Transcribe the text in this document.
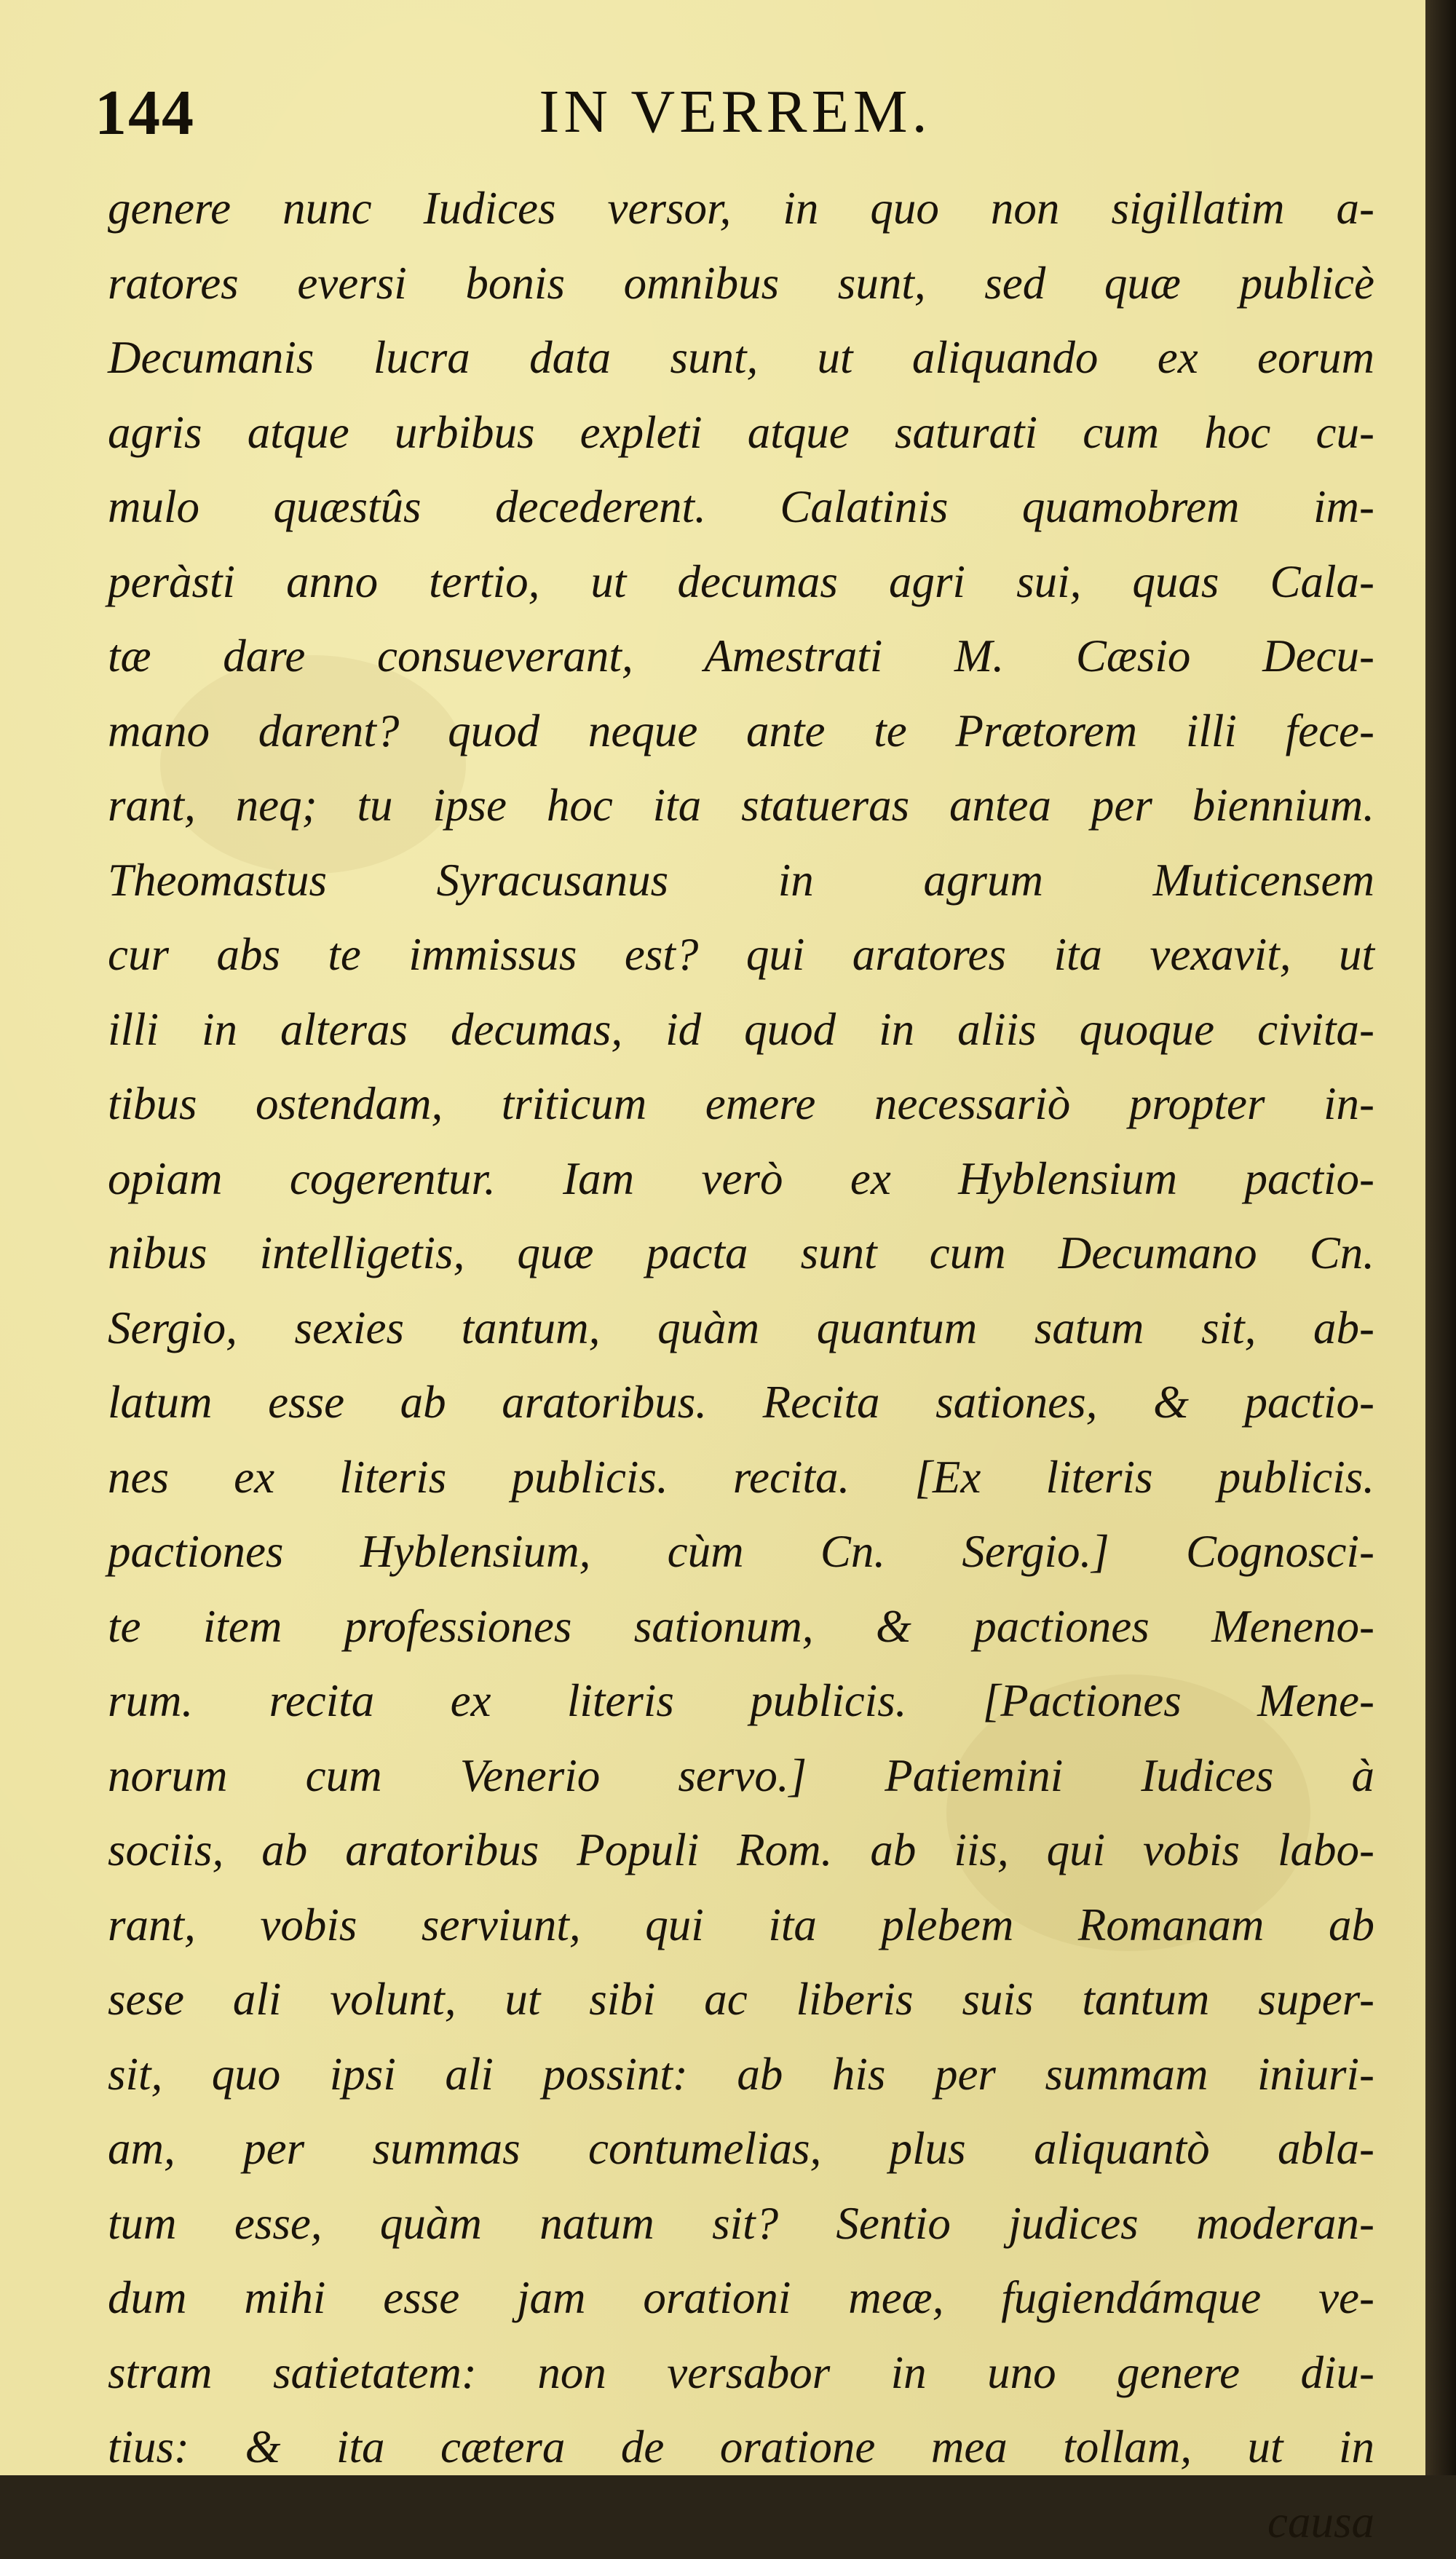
144	IN VERREM.
genere nunc Iudices versor, in quo non sigillatim a-
ratores eversi bonis omnibus sunt, sed quæ publicè
Decumanis lucra data sunt, ut aliquando ex eorum
agris atque urbibus expleti atque saturati cum hoc cu-
mulo quæstûs decederent. Calatinis quamobrem im-
peràsti anno tertio, ut decumas agri sui, quas Cala-
tæ dare consueverant, Amestrati M. Cæsio Decu-
mano darent? quod neque ante te Prætorem illi fece-
rant, neq; tu ipse hoc ita statueras antea per biennium.
Theomastus Syracusanus in agrum Muticensem
cur abs te immissus est? qui aratores ita vexavit, ut
illi in alteras decumas, id quod in aliis quoque civita-
tibus ostendam, triticum emere necessariò propter in-
opiam cogerentur. Iam verò ex Hyblensium pactio-
nibus intelligetis, quæ pacta sunt cum Decumano Cn.
Sergio, sexies tantum, quàm quantum satum sit, ab-
latum esse ab aratoribus. Recita sationes, & pactio-
nes ex literis publicis. recita. [Ex literis publicis.
pactiones Hyblensium, cùm Cn. Sergio.] Cognosci-
te item professiones sationum, & pactiones Meneno-
rum. recita ex literis publicis. [Pactiones Mene-
norum cum Venerio servo.] Patiemini Iudices à
sociis, ab aratoribus Populi Rom. ab iis, qui vobis labo-
rant, vobis serviunt, qui ita plebem Romanam ab
sese ali volunt, ut sibi ac liberis suis tantum super-
sit, quo ipsi ali possint: ab his per summam iniuri-
am, per summas contumelias, plus aliquantò abla-
tum esse, quàm natum sit? Sentio judices moderan-
dum mihi esse jam orationi meæ, fugiendámque ve-
stram satietatem: non versabor in uno genere diu-
tius: & ita cætera de oratione mea tollam, ut in
causa
